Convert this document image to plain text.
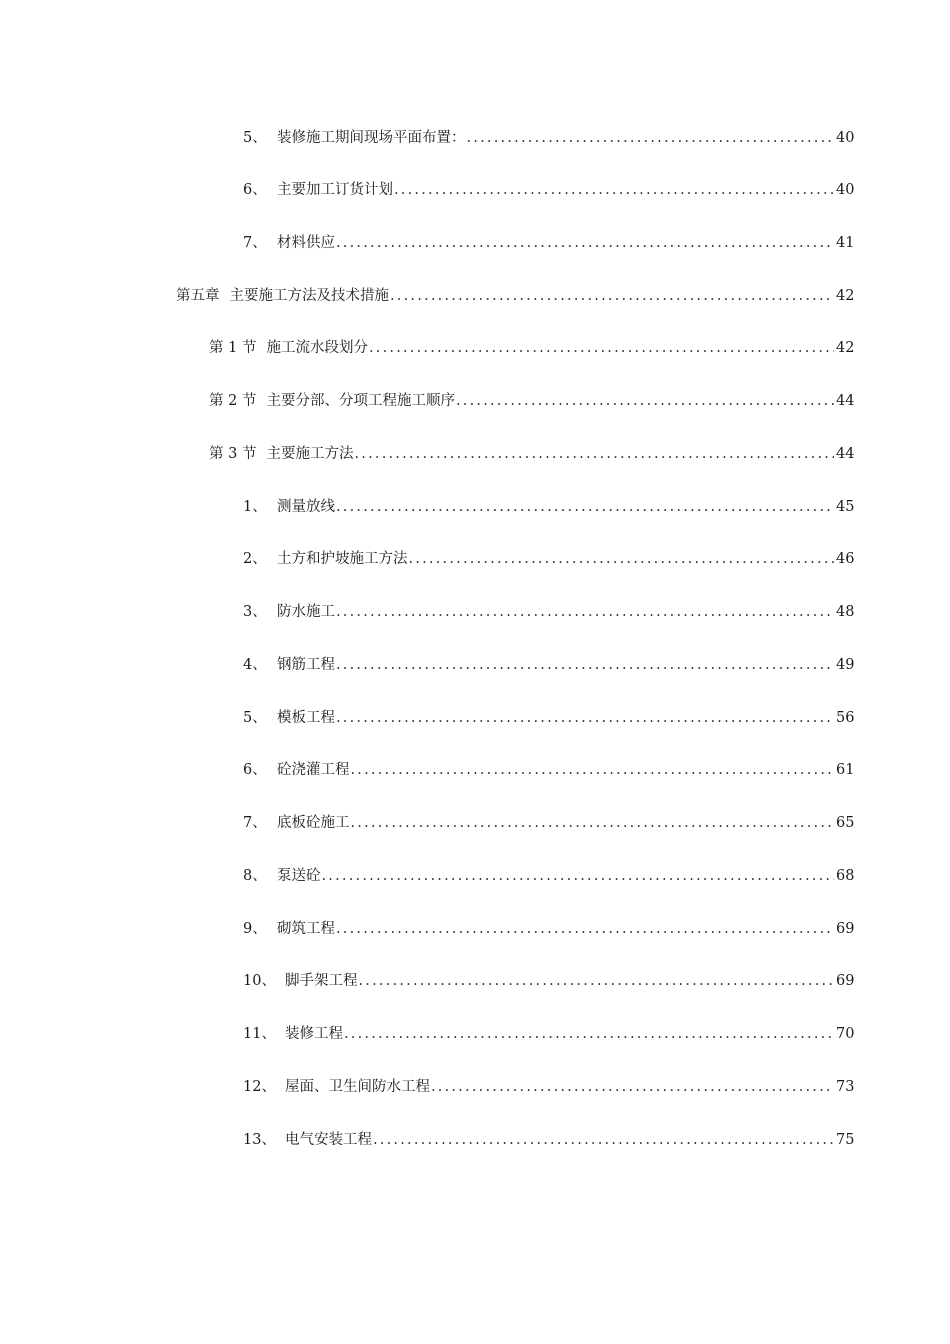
5、 装修施工期间现场平面布置： .....	40
6、 主要加工订货计划 .....	40
7、 材料供应 .....	41
第五章 主要施工方法及技术措施 .....	42
第 1 节 施工流水段划分 .....	42
第 2 节 主要分部、分项工程施工顺序 .....	44
第 3 节 主要施工方法 .....	44
1、 测量放线 .....	45
2、 土方和护坡施工方法 .....	46
3、 防水施工 .....	48
4、 钢筋工程 .....	49
5、 模板工程 .....	56
6、 砼浇灌工程 .....	61
7、 底板砼施工 .....	65
8、 泵送砼 .....	68
9、 砌筑工程 .....	69
10、 脚手架工程 .....	69
11、 装修工程 .....	70
12、 屋面、卫生间防水工程 .....	73
13、 电气安装工程 .....	75
